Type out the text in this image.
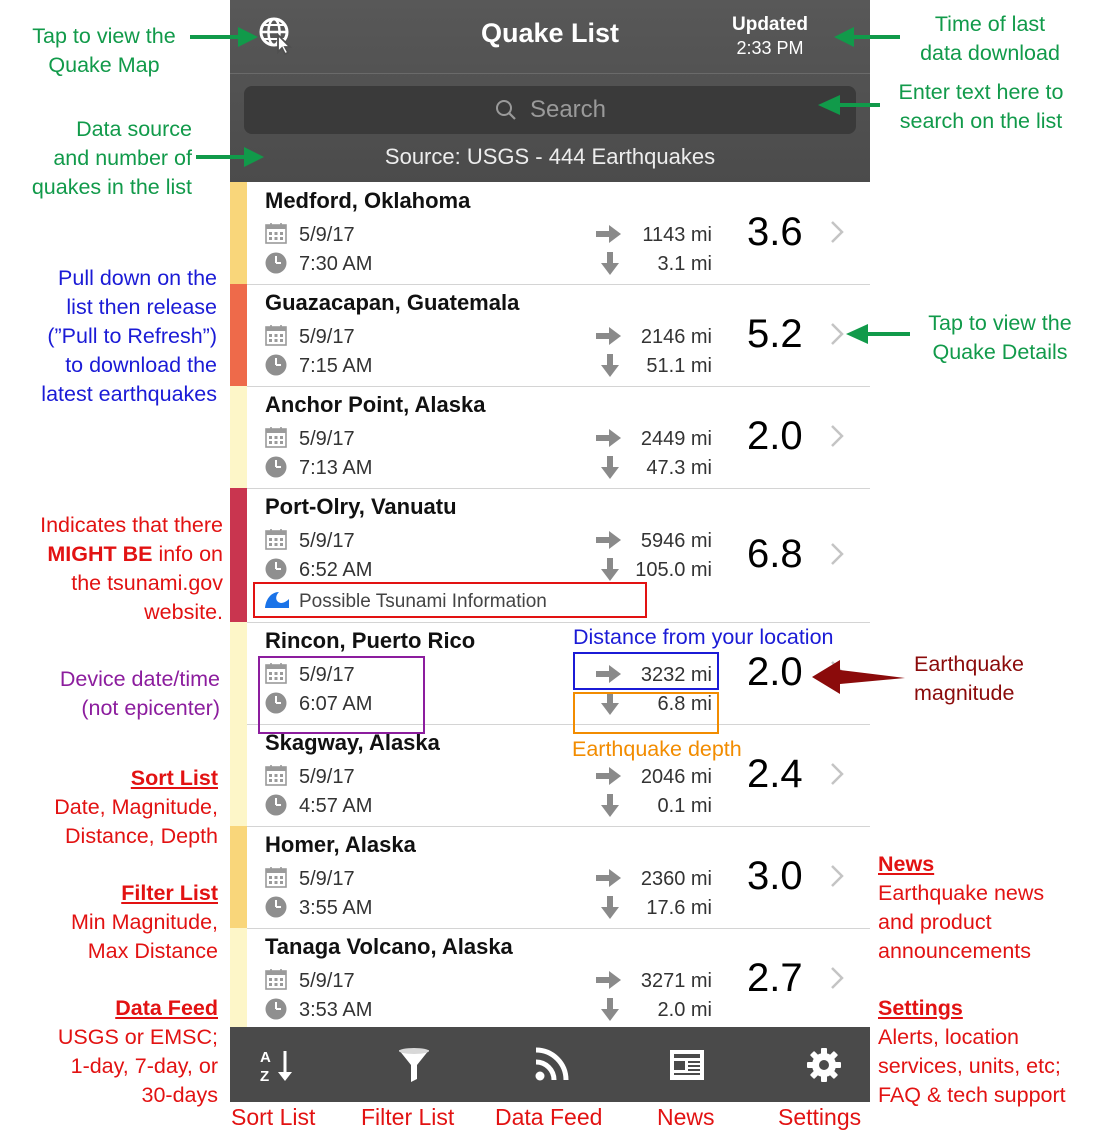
Quake List	Updated
2:33 PM
Search
Source: USGS - 444 Earthquakes
Medford, Oklahoma
5/9/17
7:30 AM
1143 mi
3.1 mi
3.6
Guazacapan, Guatemala
5/9/17
7:15 AM
2146 mi
51.1 mi
5.2
Anchor Point, Alaska
5/9/17
7:13 AM
2449 mi
47.3 mi
2.0
Port-Olry, Vanuatu
5/9/17
6:52 AM
5946 mi
105.0 mi 6.8
Possible Tsunami Information
Rincon, Puerto Rico
5/9/17
6:07 AM
3232 mi
6.8 mi
2.0
Skagway, Alaska
5/9/17
4:57 AM
2046 mi
0.1 mi
2.4
Homer, Alaska
5/9/17
3:55 AM
2360 mi
17.6 mi
3.0
Tanaga Volcano, Alaska
5/9/17
3:53 AM
3271 mi
2.0 mi
2.7
A
Z
Tap to view the
Quake Map
Time of last
data download
Enter text here to
search on the list
Data source
and number of
quakes in the list
Pull down on the
list then release
(”Pull to Refresh”)
to download the
latest earthquakes
Tap to view the
Quake Details
Indicates that there
MIGHT BE info on
the tsunami.gov
website.
Device date/time
(not epicenter)
Distance from your location
Earthquake
magnitude
Earthquake depth
Sort List
Date, Magnitude,
Distance, Depth
Filter List
Min Magnitude,
Max Distance
Data Feed
USGS or EMSC;
1-day, 7-day, or
30-days
News
Earthquake news
and product
announcements
Settings
Alerts, location
services, units, etc;
FAQ & tech support
Sort List Filter List Data Feed News	Settings
